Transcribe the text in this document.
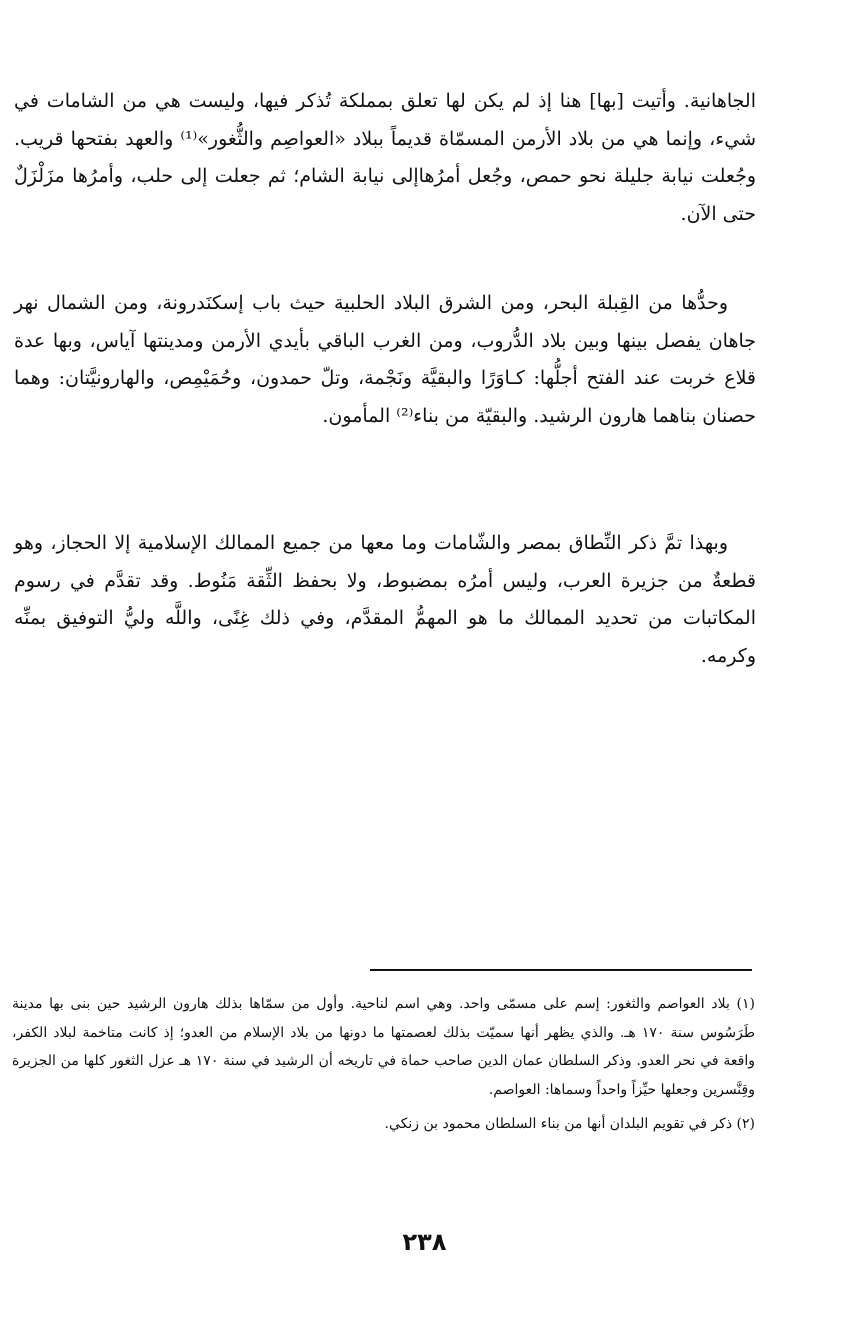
الجاهانية. وأتيت [بها] هنا إذ لم يكن لها تعلق بمملكة تُذكر فيها، وليست هي من الشامات في شيء، وإنما هي من بلاد الأرمن المسمّاة قديماً ببلاد «العواصِم والثُّغور»⁽¹⁾ والعهد بفتحها قريب. وجُعلت نيابة جليلة نحو حمص، وجُعل أمرُهاإلى نيابة الشام؛ ثم جعلت إلى حلب، وأمرُها مزَلْزَلٌ حتى الآن.

وحدُّها من القِبلة البحر، ومن الشرق البلاد الحلبية حيث باب إسكنَدرونة، ومن الشمال نهر جاهان يفصل بينها وبين بلاد الدُّروب، ومن الغرب الباقي بأيدي الأرمن ومدينتها آياس، وبها عدة قلاع خربت عند الفتح أجلُّها: كـاوَرًا والبقيَّة ونَجْمة، وتلّ حمدون، وحُمَيْمِص، والهارونيَّتان: وهما حصنان بناهما هارون الرشيد. والبقيّة من بناء⁽²⁾ المأمون.

وبهذا تمَّ ذكر النِّطاق بمصر والشّامات وما معها من جميع الممالك الإسلامية إلا الحجاز، وهو قطعةٌ من جزيرة العرب، وليس أمرُه بمضبوط، ولا بحفظ الثِّقة مَنُوط. وقد تقدَّم في رسوم المكاتبات من تحديد الممالك ما هو المهمُّ المقدَّم، وفي ذلك غِنًى، واللَّه وليُّ التوفيق بمنِّه وكرمه.

(١) بلاد العواصم والثغور: إسم على مسمّى واحد. وهي اسم لناحية. وأول من سمّاها بذلك هارون الرشيد حين بنى بها مدينة طَرَسُوس سنة ١٧٠ هـ. والذي يظهر أنها سميّت بذلك لعصمتها ما دونها من بلاد الإسلام من العدو؛ إذ كانت متاخمة لبلاد الكفر، واقعة في نحر العدو. وذكر السلطان عمان الدين صاحب حماة في تاريخه أن الرشيد في سنة ١٧٠ هـ عزل الثغور كلها من الجزيرة وقِنَّسرين وجعلها حيِّزاً واحداً وسماها: العواصم.

(٢) ذكر في تقويم البلدان أنها من بناء السلطان محمود بن زنكي.

٢٣٨
